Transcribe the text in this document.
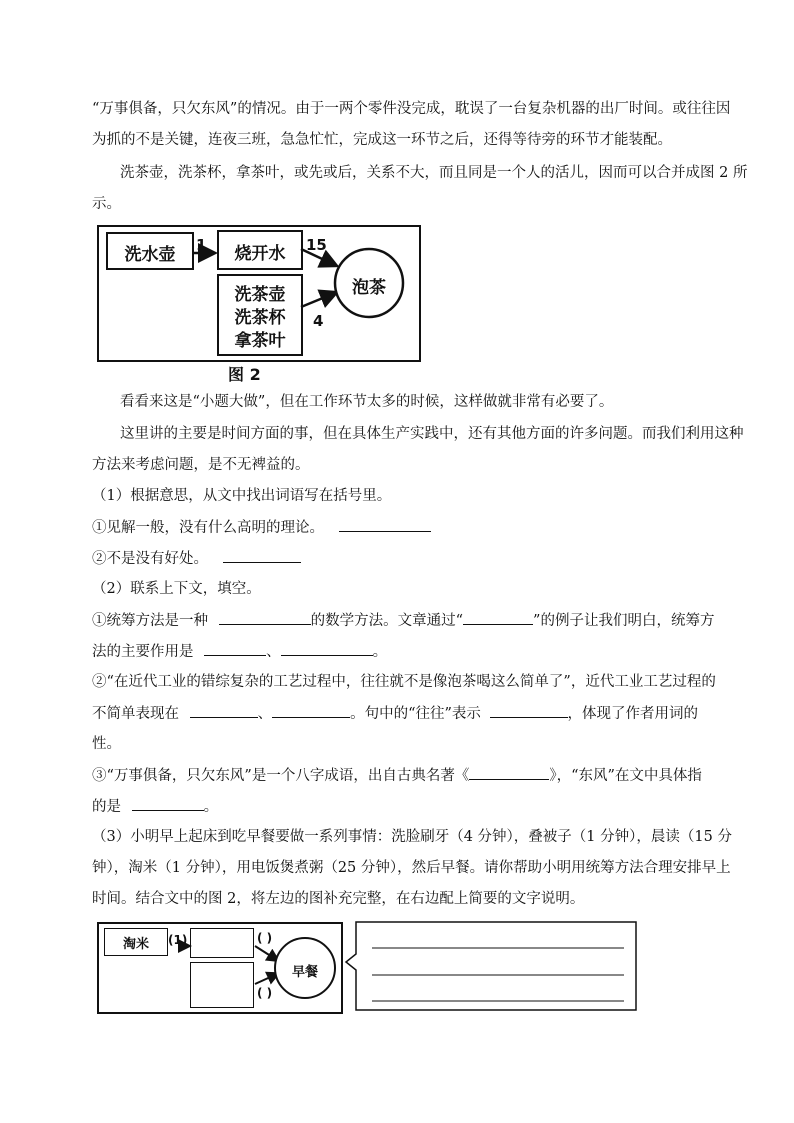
“万事俱备，只欠东风”的情况。由于一两个零件没完成，耽误了一台复杂机器的出厂时间。或往往因
为抓的不是关键，连夜三班，急急忙忙，完成这一环节之后，还得等待旁的环节才能装配。
洗茶壶，洗茶杯，拿茶叶，或先或后，关系不大，而且同是一个人的活儿，因而可以合并成图 2 所
示。
洗水壶	烧开水
洗茶壶
洗茶杯
拿茶叶
泡茶
1	15
4
图 2
看看来这是“小题大做”，但在工作环节太多的时候，这样做就非常有必要了。
这里讲的主要是时间方面的事，但在具体生产实践中，还有其他方面的许多问题。而我们利用这种
方法来考虑问题，是不无裨益的。
（1）根据意思，从文中找出词语写在括号里。
①见解一般，没有什么高明的理论。
②不是没有好处。
（2）联系上下文，填空。
①统筹方法是一种	的数学方法。文章通过“	”的例子让我们明白，统筹方
法的主要作用是	、	。
②“在近代工业的错综复杂的工艺过程中，往往就不是像泡茶喝这么简单了”，近代工业工艺过程的
不简单表现在	、	。句中的“往往”表示	，体现了作者用词的
性。
③“万事俱备，只欠东风”是一个八字成语，出自古典名著《	》，“东风”在文中具体指
的是	。
（3）小明早上起床到吃早餐要做一系列事情：洗脸刷牙（4 分钟），叠被子（1 分钟），晨读（15 分
钟），淘米（1 分钟），用电饭煲煮粥（25 分钟），然后早餐。请你帮助小明用统筹方法合理安排早上
时间。结合文中的图 2，将左边的图补充完整，在右边配上简要的文字说明。
淘米	(1)
早餐
( )
( )
